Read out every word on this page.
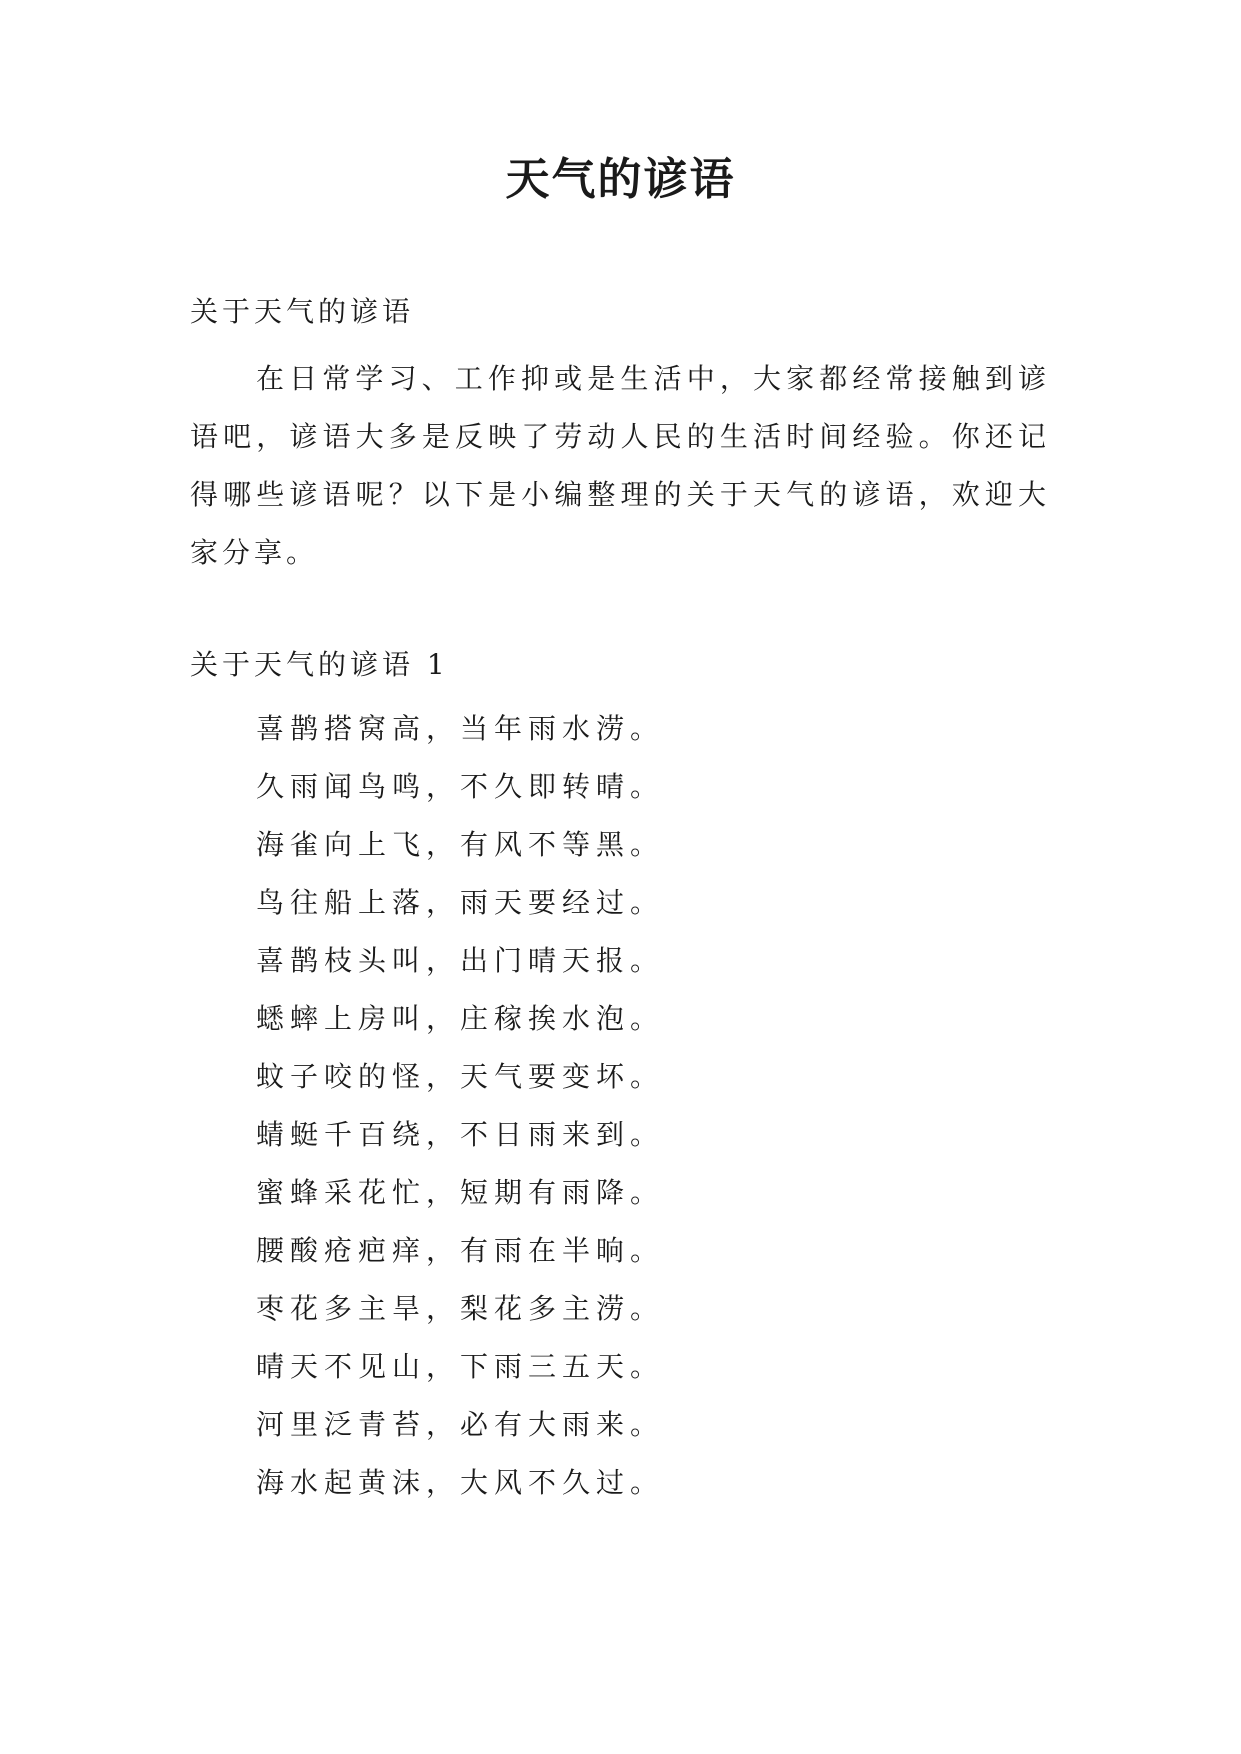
天气的谚语
关于天气的谚语

在日常学习、工作抑或是生活中，大家都经常接触到谚语吧，谚语大多是反映了劳动人民的生活时间经验。你还记得哪些谚语呢？以下是小编整理的关于天气的谚语，欢迎大家分享。

关于天气的谚语 1
喜鹊搭窝高，当年雨水涝。
久雨闻鸟鸣，不久即转晴。
海雀向上飞，有风不等黑。
鸟往船上落，雨天要经过。
喜鹊枝头叫，出门晴天报。
蟋蟀上房叫，庄稼挨水泡。
蚊子咬的怪，天气要变坏。
蜻蜓千百绕，不日雨来到。
蜜蜂采花忙，短期有雨降。
腰酸疮疤痒，有雨在半晌。
枣花多主旱，梨花多主涝。
晴天不见山，下雨三五天。
河里泛青苔，必有大雨来。
海水起黄沫，大风不久过。
